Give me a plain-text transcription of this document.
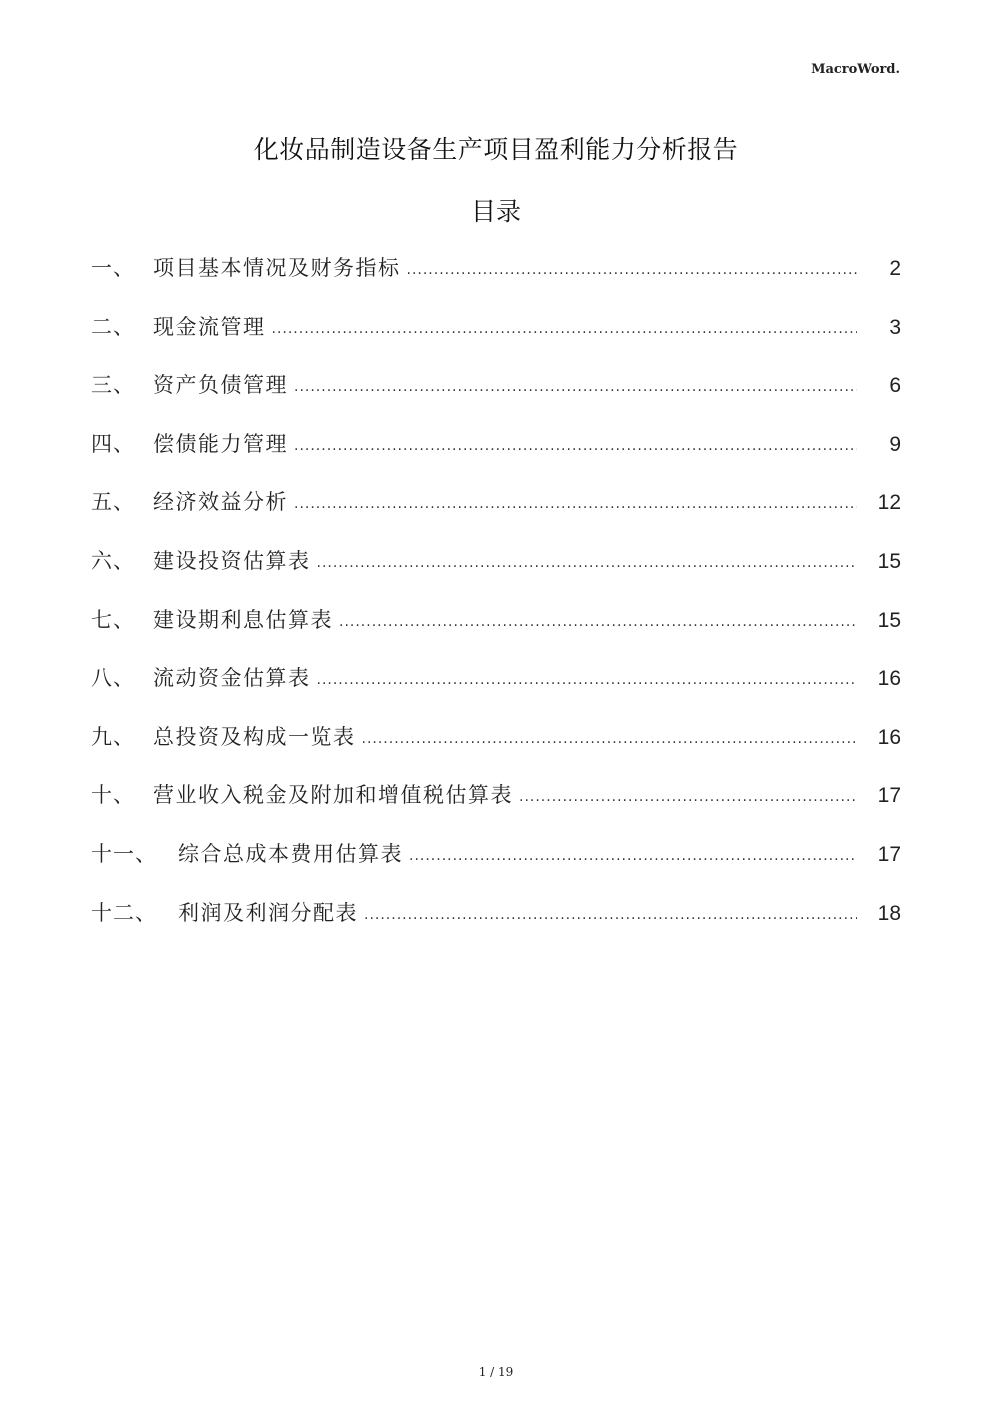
MacroWord.
化妆品制造设备生产项目盈利能力分析报告
目录
一、 项目基本情况及财务指标 .....	2
二、 现金流管理 .....	3
三、 资产负债管理 .....	6
四、 偿债能力管理 .....	9
五、 经济效益分析 .....	12
六、 建设投资估算表 .....	15
七、 建设期利息估算表 .....	15
八、 流动资金估算表 .....	16
九、 总投资及构成一览表 .....	16
十、 营业收入税金及附加和增值税估算表 .....	17
十一、	综合总成本费用估算表 .....	17
十二、	利润及利润分配表 .....	18
1 / 19
